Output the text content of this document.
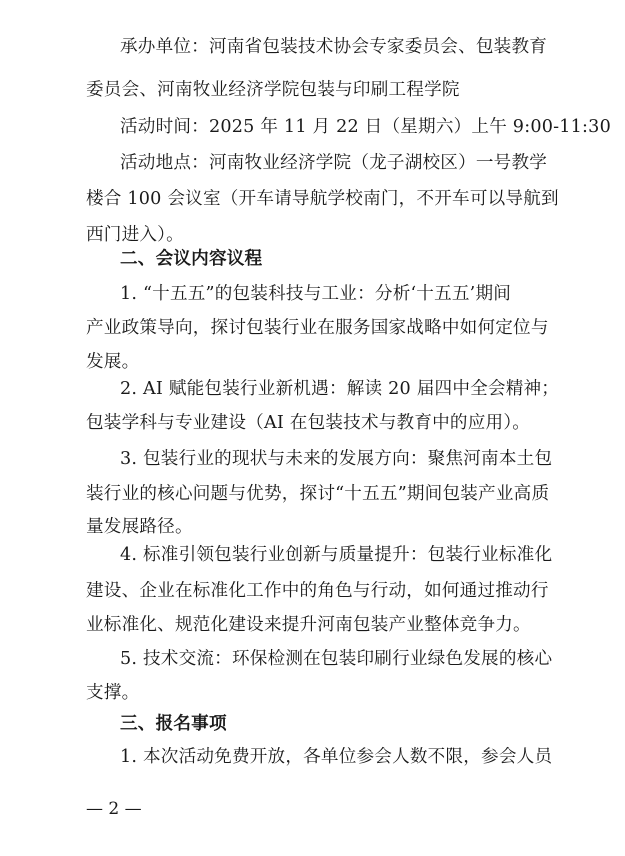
承办单位：河南省包装技术协会专家委员会、包装教育
委员会、河南牧业经济学院包装与印刷工程学院
活动时间：2025 年 11 月 22 日（星期六）上午 9:00-11:30
活动地点：河南牧业经济学院（龙子湖校区）一号教学
楼合 100 会议室（开车请导航学校南门，不开车可以导航到
西门进入）。
二、会议内容议程
1. “十五五”的包装科技与工业：分析‘十五五’期间
产业政策导向，探讨包装行业在服务国家战略中如何定位与
发展。
2. AI 赋能包装行业新机遇：解读 20 届四中全会精神；
包装学科与专业建设（AI 在包装技术与教育中的应用）。
3. 包装行业的现状与未来的发展方向：聚焦河南本土包
装行业的核心问题与优势，探讨“十五五”期间包装产业高质
量发展路径。
4. 标准引领包装行业创新与质量提升：包装行业标准化
建设、企业在标准化工作中的角色与行动，如何通过推动行
业标准化、规范化建设来提升河南包装产业整体竞争力。
5. 技术交流：环保检测在包装印刷行业绿色发展的核心
支撑。
三、报名事项
1. 本次活动免费开放，各单位参会人数不限，参会人员
— 2 —
